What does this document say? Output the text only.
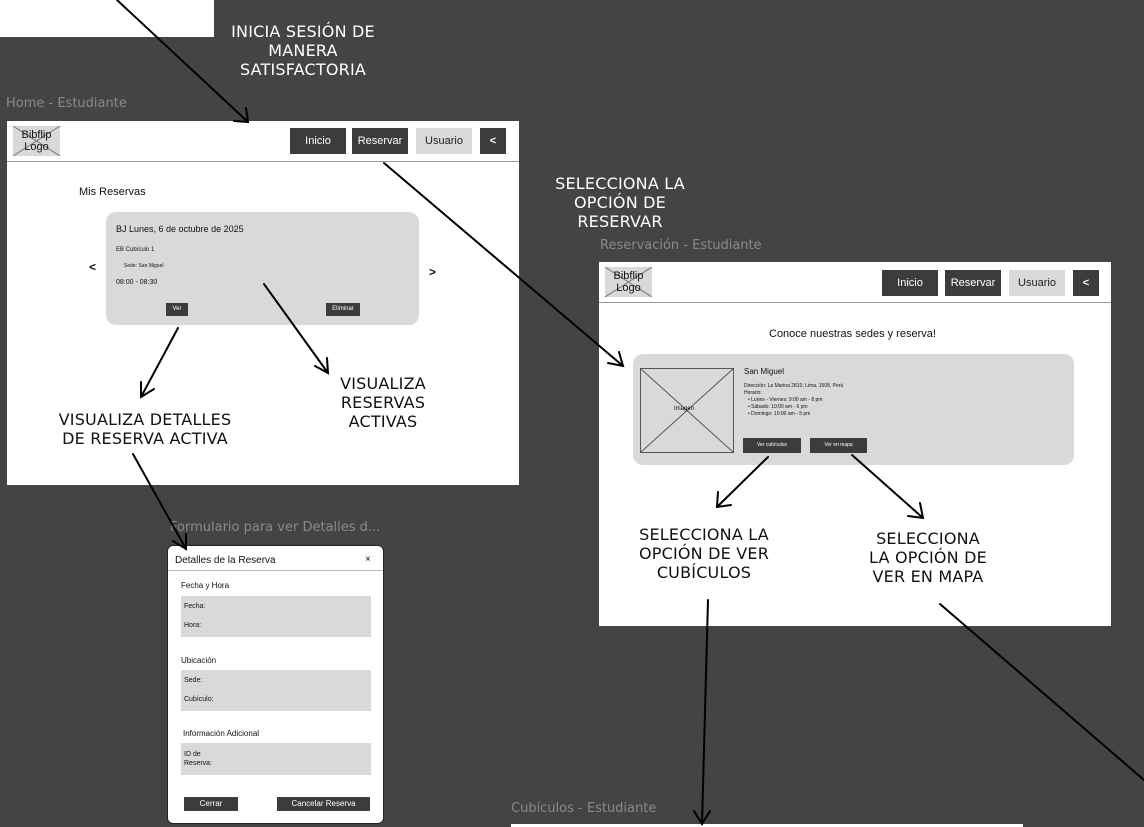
INICIA SESIÓN DE
MANERA
SATISFACTORIA
Home - Estudiante
Bibflip
Logo	Inicio	Reservar	Usuario	<
Mis Reservas
<	>
BJ Lunes, 6 de octubre de 2025
EB Cubículo 1
Sede: San Miguel
08:00 - 08:30
Ver	Eliminar
VISUALIZA
RESERVAS
ACTIVAS
VISUALIZA DETALLES
DE RESERVA ACTIVA
SELECCIONA LA
OPCIÓN DE
RESERVAR
Reservación - Estudiante
Bibflip
Logo	Inicio	Reservar	Usuario	<
Conoce nuestras sedes y reserva!
Imagen
San Miguel
Dirección: La Marina 2810, Lima, 1508, Perú
Horario:
• Lunes - Viernes: 9:00 am - 8 pm
• Sábado: 10:00 am - 6 pm
• Domingo: 10:00 am - 5 pm
Ver cubículos	Ver en mapa
SELECCIONA LA
OPCIÓN DE VER
CUBÍCULOS
SELECCIONA
LA OPCIÓN DE
VER EN MAPA
Formulario para ver Detalles d...
Detalles de la Reserva	×
Fecha y Hora
Fecha:
Hora:
Ubicación
Sede:
Cubículo:
Información Adicional
ID de
Reserva:
Cerrar	Cancelar Reserva	Cubículos - Estudiante
